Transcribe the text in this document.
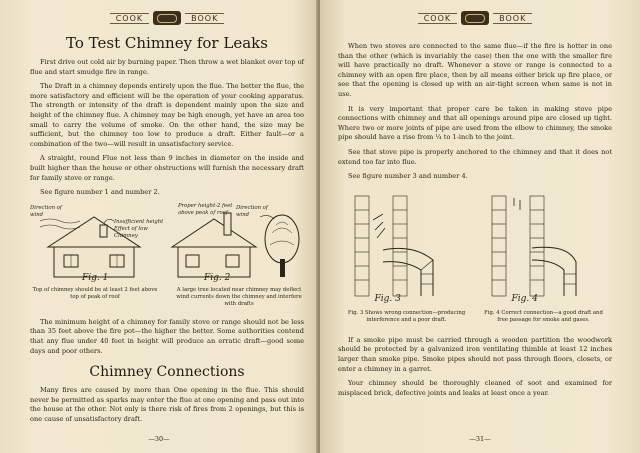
COOK	BOOK
To Test Chimney for Leaks

First drive out cold air by burning paper. Then throw a wet blanket over top of flue and start smudge fire in range.

The Draft in a chimney depends entirely upon the flue. The better the flue, the more satisfactory and efficient will be the operation of your cooking apparatus. The strength or intensity of the draft is dependent mainly upon the size and height of the chimney flue. A chimney may be high enough, yet have an area too small to carry the volume of smoke. On the other hand, the size may be sufficient, but the chimney too low to produce a draft. Either fault—or a combination of the two—will result in unsatisfactory service.

A straight, round Flue not less than 9 inches in diameter on the inside and built higher than the house or other obstructions will furnish the necessary draft for family stove or range.

See figure number 1 and number 2.

Fig. 1
Direction of wind
Insufficient height Effect of low Chimney
Fig. 2
Proper height-2 feet above peak of roof
Direction of wind
Top of chimney should be at least 2 feet above top of peak of roof
A large tree located near chimney may deflect wind currents down the chimney and interfere with drafts

The minimum height of a chimney for family stove or range should not be less than 35 feet above the fire pot—the higher the better. Some authorities contend that any flue under 40 feet in height will produce an erratic draft—good some days and poor others.

Chimney Connections

Many fires are caused by more than One opening in the flue. This should never be permitted as sparks may enter the flue at one opening and pass out into the house at the other. Not only is there risk of fires from 2 openings, but this is one cause of unsatisfactory draft.

—30—
COOK	BOOK

When two stoves are connected to the same flue—if the fire is hotter in one than the other (which is invariably the case) then the one with the smaller fire will have practically no draft. Whenever a stove or range is connected to a chimney with an open fire place, then by all means either brick up fire place, or see that the opening is closed up with an air-tight screen when same is not in use.

It is very important that proper care be taken in making stove pipe connections with chimney and that all openings around pipe are closed up tight. Where two or more joints of pipe are used from the elbow to chimney, the smoke pipe should have a rise from ¼ to 1-inch to the joint.

See that stove pipe is properly anchored to the chimney and that it does not extend too far into flue.

See figure number 3 and number 4.

Fig. 3	Fig. 4
Fig. 3 Shows wrong connection—producing interference and a poor draft.
Fig. 4 Correct connection—a good draft and free passage for smoke and gases.

If a smoke pipe must be carried through a wooden partition the woodwork should be protected by a galvanized iron ventilating thimble at least 12 inches larger than smoke pipe. Smoke pipes should not pass through floors, closets, or enter a chimney in a garret.

Your chimney should be thoroughly cleaned of soot and examined for misplaced brick, defective joints and leaks at least once a year.

—31—
